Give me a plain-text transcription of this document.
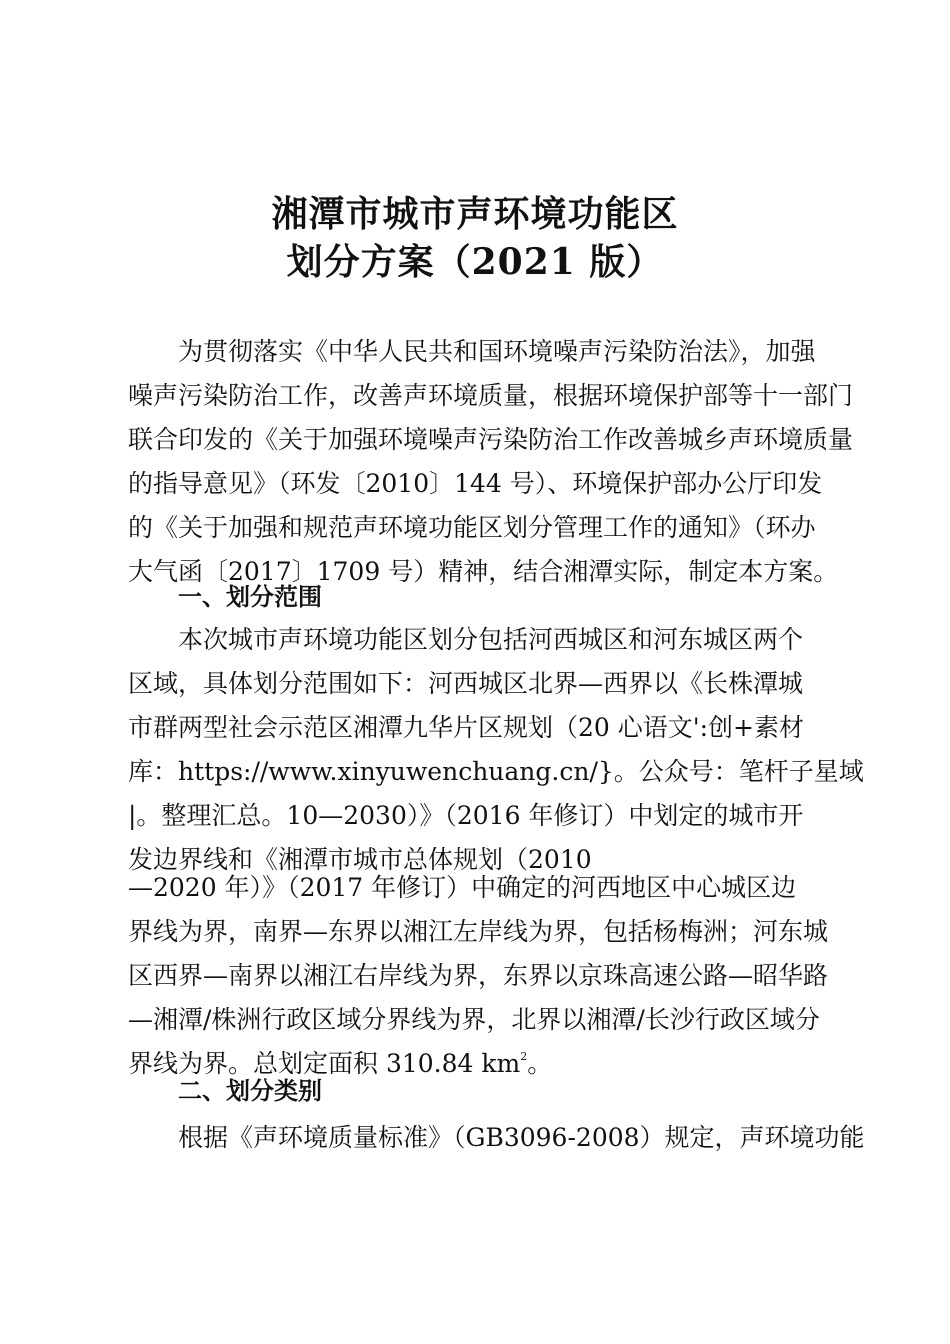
湘潭市城市声环境功能区
划分方案（2021 版）
为贯彻落实《中华人民共和国环境噪声污染防治法》，加强
噪声污染防治工作，改善声环境质量，根据环境保护部等十一部门
联合印发的《关于加强环境噪声污染防治工作改善城乡声环境质量
的指导意见》（环发〔2010〕144 号）、环境保护部办公厅印发
的《关于加强和规范声环境功能区划分管理工作的通知》（环办
大气函〔2017〕1709 号）精神，结合湘潭实际，制定本方案。
一、划分范围
本次城市声环境功能区划分包括河西城区和河东城区两个
区域，具体划分范围如下：河西城区北界—西界以《长株潭城
市群两型社会示范区湘潭九华片区规划（20 心语文':创+素材
库：https://www.xinyuwenchuang.cn/}。公众号：笔杆子星域
|。整理汇总。10—2030）》（2016 年修订）中划定的城市开
发边界线和《湘潭市城市总体规划（2010
—2020 年）》（2017 年修订）中确定的河西地区中心城区边
界线为界，南界—东界以湘江左岸线为界，包括杨梅洲；河东城
区西界—南界以湘江右岸线为界，东界以京珠高速公路—昭华路
—湘潭/株洲行政区域分界线为界，北界以湘潭/长沙行政区域分
界线为界。总划定面积 310.84 $km^2$。
二、划分类别
根据《声环境质量标准》（GB3096-2008）规定，声环境功能
